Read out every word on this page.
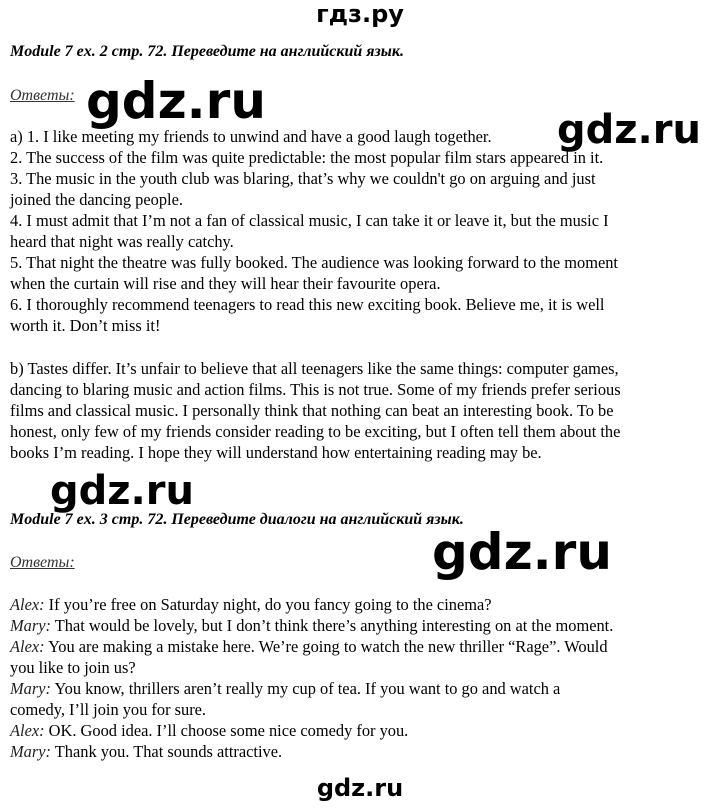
гдз.ру
Module 7 ex. 2 стр. 72. Переведите на английский язык.
Ответы: gdz.ru	gdz.ru
a) 1. I like meeting my friends to unwind and have a good laugh together.
2. The success of the film was quite predictable: the most popular film stars appeared in it.
3. The music in the youth club was blaring, that’s why we couldn't go on arguing and just
joined the dancing people.
4. I must admit that I’m not a fan of classical music, I can take it or leave it, but the music I
heard that night was really catchy.
5. That night the theatre was fully booked. The audience was looking forward to the moment
when the curtain will rise and they will hear their favourite opera.
6. I thoroughly recommend teenagers to read this new exciting book. Believe me, it is well
worth it. Don’t miss it!
b) Tastes differ. It’s unfair to believe that all teenagers like the same things: computer games,
dancing to blaring music and action films. This is not true. Some of my friends prefer serious
films and classical music. I personally think that nothing can beat an interesting book. To be
honest, only few of my friends consider reading to be exciting, but I often tell them about the
books I’m reading. I hope they will understand how entertaining reading may be.
gdz.ru
Module 7 ex. 3 стр. 72. Переведите диалоги на английский язык.
gdz.ru
Ответы:
Alex: If you’re free on Saturday night, do you fancy going to the cinema?
Mary: That would be lovely, but I don’t think there’s anything interesting on at the moment.
Alex: You are making a mistake here. We’re going to watch the new thriller “Rage”. Would
you like to join us?
Mary: You know, thrillers aren’t really my cup of tea. If you want to go and watch a
comedy, I’ll join you for sure.
Alex: OK. Good idea. I’ll choose some nice comedy for you.
Mary: Thank you. That sounds attractive.
gdz.ru
